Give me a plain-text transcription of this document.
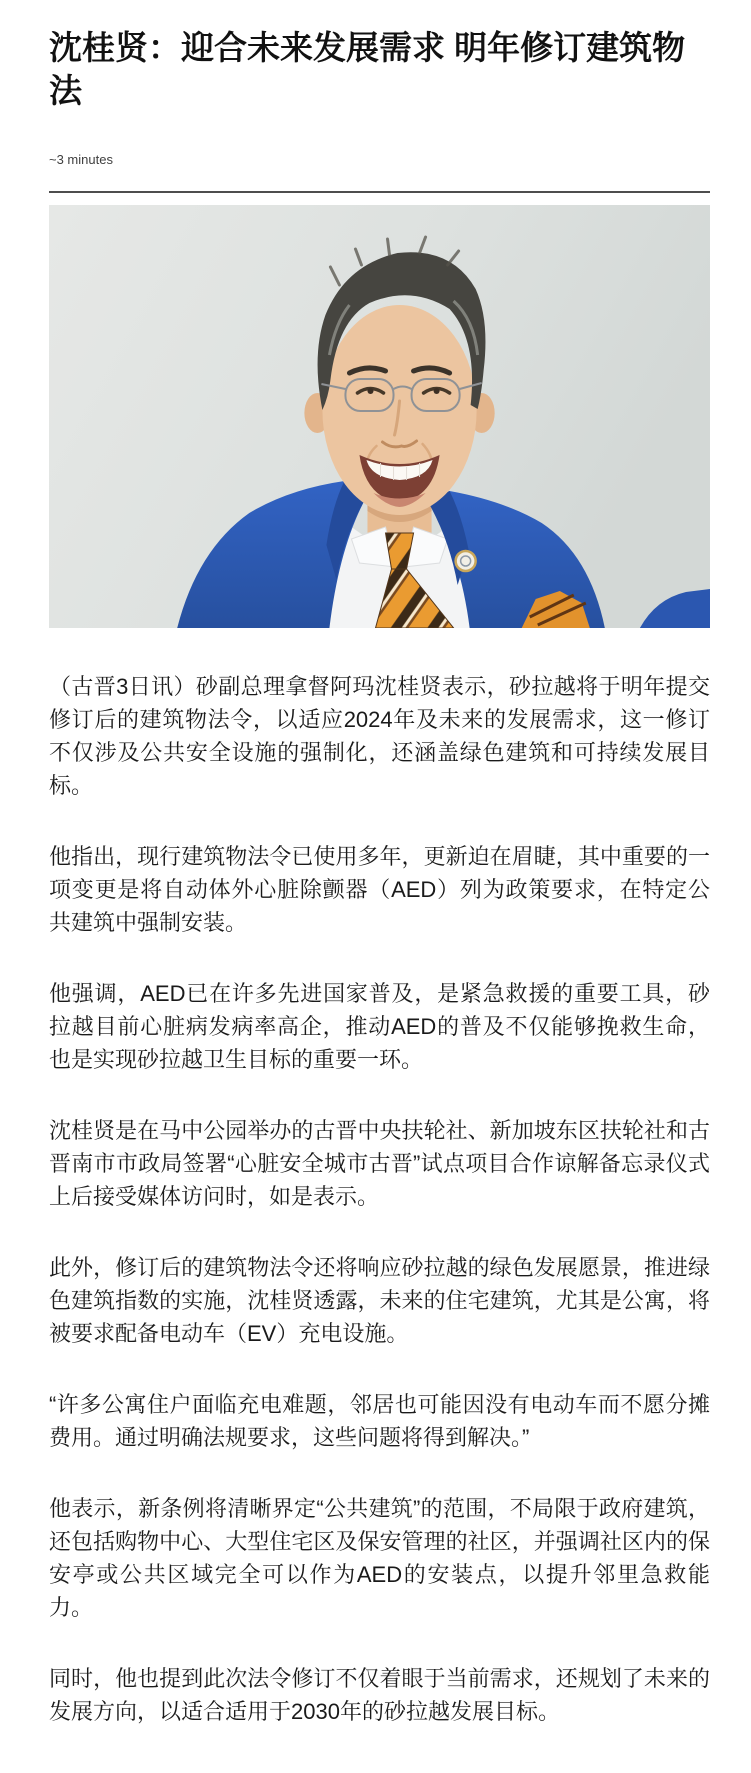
沈桂贤：迎合未来发展需求 明年修订建筑物法
~3 minutes

（古晋3日讯）砂副总理拿督阿玛沈桂贤表示，砂拉越将于明年提交修订后的建筑物法令，以适应2024年及未来的发展需求，这一修订不仅涉及公共安全设施的强制化，还涵盖绿色建筑和可持续发展目标。

他指出，现行建筑物法令已使用多年，更新迫在眉睫，其中重要的一项变更是将自动体外心脏除颤器（AED）列为政策要求，在特定公共建筑中强制安装。

他强调，AED已在许多先进国家普及，是紧急救援的重要工具，砂拉越目前心脏病发病率高企，推动AED的普及不仅能够挽救生命，也是实现砂拉越卫生目标的重要一环。

沈桂贤是在马中公园举办的古晋中央扶轮社、新加坡东区扶轮社和古晋南市市政局签署“心脏安全城市古晋”试点项目合作谅解备忘录仪式上后接受媒体访问时，如是表示。

此外，修订后的建筑物法令还将响应砂拉越的绿色发展愿景，推进绿色建筑指数的实施，沈桂贤透露，未来的住宅建筑，尤其是公寓，将被要求配备电动车（EV）充电设施。

“许多公寓住户面临充电难题，邻居也可能因没有电动车而不愿分摊费用。通过明确法规要求，这些问题将得到解决。”

他表示，新条例将清晰界定“公共建筑”的范围，不局限于政府建筑，还包括购物中心、大型住宅区及保安管理的社区，并强调社区内的保安亭或公共区域完全可以作为AED的安装点，以提升邻里急救能力。

同时，他也提到此次法令修订不仅着眼于当前需求，还规划了未来的发展方向，以适合适用于2030年的砂拉越发展目标。
